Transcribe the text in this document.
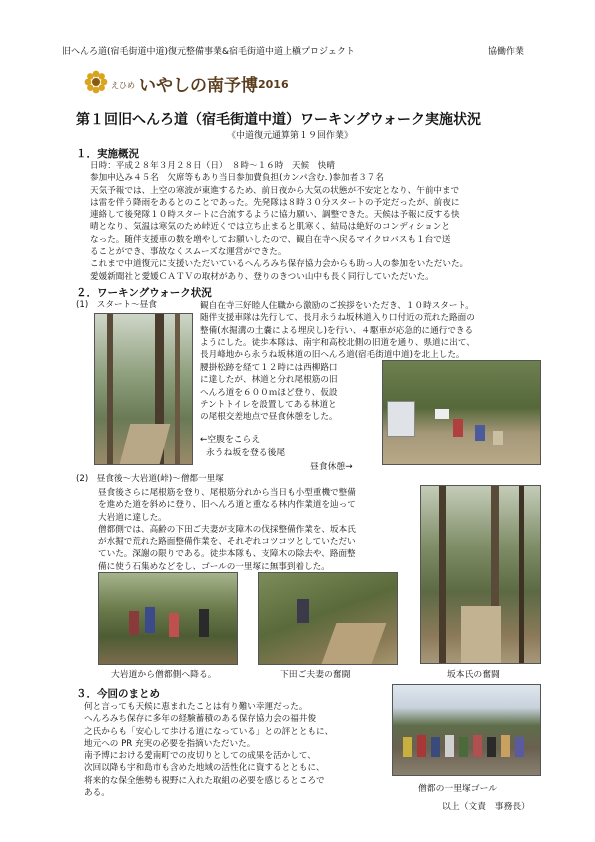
旧へんろ道(宿毛街道中道)復元整備事業&宿毛街道中道上槇プロジェクト	協働作業
えひめ いやしの南予博 2016
第１回旧へんろ道（宿毛街道中道）ワーキングウォーク実施状況
《中道復元通算第１９回作業》
１．実施概況
日時：平成２８年３月２８日（日）　８時〜１６時　天候　快晴
参加申込み４５名　欠席等もあり当日参加費負担(カンパ含む．)参加者３７名
天気予報では、上空の寒波が東進するため、前日夜から大気の状態が不安定となり、午前中まで
は雷を伴う降雨をあるとのことであった。先発隊は８時３０分スタートの予定だったが、前夜に
連絡して後発隊１０時スタートに合流するように協力願い、調整できた。天候は予報に反する快
晴となり、気温は寒気のため峠近くでは立ち止まると肌寒く、結局は絶好のコンディションと
なった。随伴支援車の数を増やしてお願いしたので、観自在寺へ戻るマイクロバスも１台で送
ることができ、事故なくスムーズな運営ができた。
これまで中道復元に支援いただいているへんろみち保存協力会からも助っ人の参加をいただいた。
愛媛新聞社と愛媛ＣＡＴＶの取材があり、登りのきつい山中も長く同行していただいた。
２．ワーキングウォーク状況
(1)　スタート〜昼食	観自在寺三好睦人住職から激励のご挨拶をいただき、１０時スタート。
随伴支援車隊は先行して、長月永うね坂林道入り口付近の荒れた路面の
整備(水掘溝の土嚢による埋戻し)を行い、４駆車が応急的に通行できる
ようにした。徒歩本隊は、南宇和高校北側の旧道を通り、県道に出て、
長月峰地から永うね坂林道の旧へんろ道(宿毛街道中道)を北上した。
腰掛松跡を経て１２時には西柳路口
に達したが、林道と分れ尾根筋の旧
へんろ道を６００ｍほど登り、仮設
テントトイレを設置してある林道と
の尾根交差地点で昼食休憩をした。
←空腹をこらえ
永うね坂を登る後尾
昼食休憩→
(2)　昼食後〜大岩道(峠)〜僧都一里塚
昼食後さらに尾根筋を登り、尾根筋分れから当日も小型重機で整備
を進めた道を斜めに登り、旧へんろ道と重なる林内作業道を辿って
大岩道に達した。
僧都側では、高齢の下田ご夫妻が支障木の伐採整備作業を、坂本氏
が水掘で荒れた路面整備作業を、それぞれコツコツとしていただい
ていた。深謝の限りである。徒歩本隊も、支障木の除去や、路面整
備に使う石集めなどをし、ゴールの一里塚に無事到着した。
大岩道から僧都側へ降る。	下田ご夫妻の奮闘	坂本氏の奮闘
３．今回のまとめ
何と言っても天候に恵まれたことは有り難い幸運だった。
へんろみち保存に多年の経験蓄積のある保存協力会の福井俊
之氏からも「安心して歩ける道になっている」との評とともに、
地元への PR 充実の必要を指摘いただいた。
南予博における愛南町での皮切りとしての成果を活かして、
次回以降も宇和島市も含めた地域の活性化に資するとともに、
将来的な保全態勢も視野に入れた取組の必要を感じるところで
ある。	僧都の一里塚ゴール
以上（文責　事務長）
